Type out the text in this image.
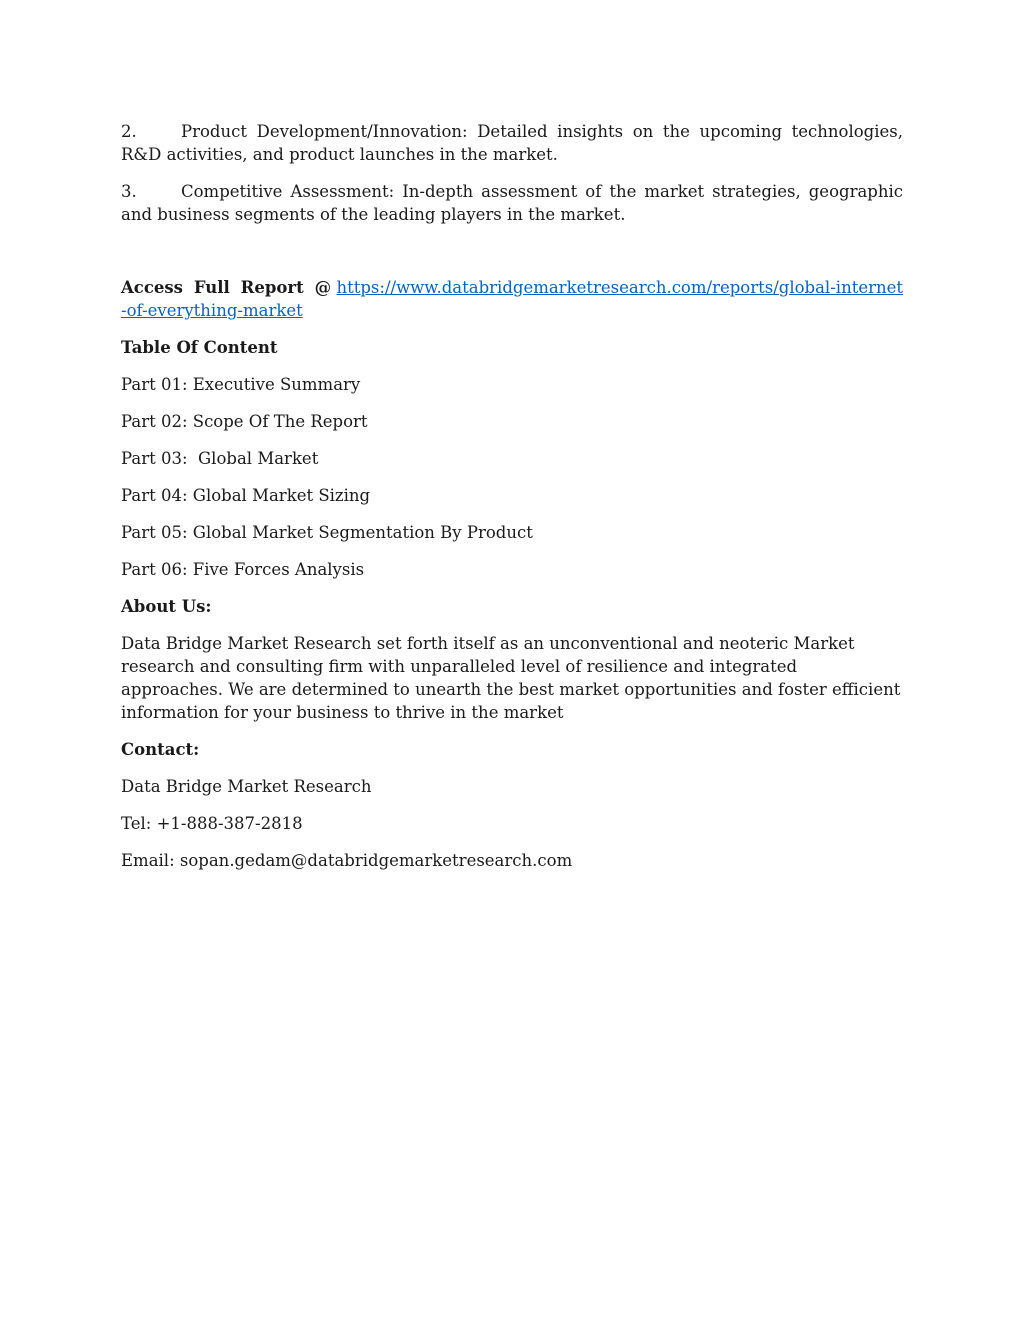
2.	Product Development/Innovation: Detailed insights on the upcoming technologies, R&D activities, and product launches in the market.

3.	Competitive Assessment: In-depth assessment of the market strategies, geographic and business segments of the leading players in the market.

Access Full Report @ https://www.databridgemarketresearch.com/reports/global-internet-of-everything-market

Table Of Content

Part 01: Executive Summary

Part 02: Scope Of The Report

Part 03:  Global Market

Part 04: Global Market Sizing

Part 05: Global Market Segmentation By Product

Part 06: Five Forces Analysis

About Us:

Data Bridge Market Research set forth itself as an unconventional and neoteric Market research and consulting firm with unparalleled level of resilience and integrated approaches. We are determined to unearth the best market opportunities and foster efficient information for your business to thrive in the market

Contact:

Data Bridge Market Research

Tel: +1-888-387-2818

Email: sopan.gedam@databridgemarketresearch.com
